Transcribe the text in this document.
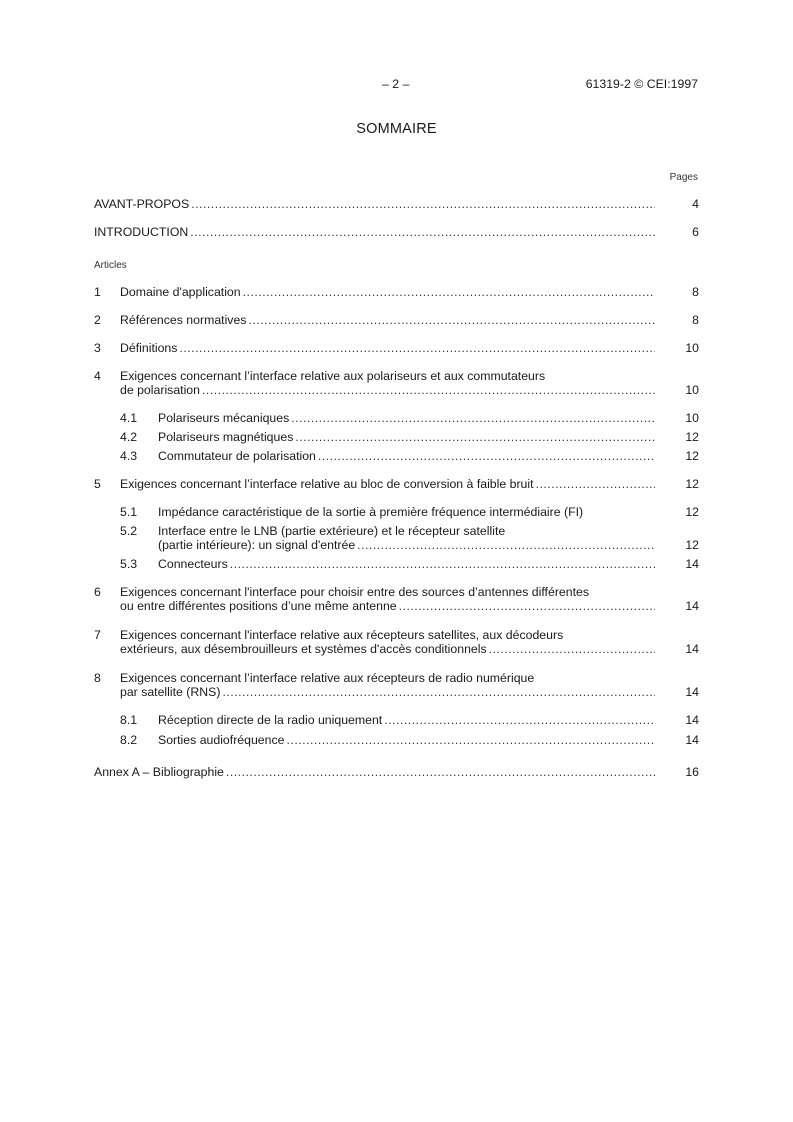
– 2 –	61319-2 © CEI:1997
SOMMAIRE
Pages
AVANT-PROPOS .....	4
INTRODUCTION .....	6
Articles
1	Domaine d'application .....	8
2	Références normatives .....	8
3	Définitions .....	10
4	Exigences concernant l’interface relative aux polariseurs et aux commutateurs
de polarisation .....	10
4.1	Polariseurs mécaniques .....	10
4.2	Polariseurs magnétiques .....	12
4.3	Commutateur de polarisation .....	12
5	Exigences concernant l’interface relative au bloc de conversion à faible bruit .....	12
5.1	Impédance caractéristique de la sortie à première fréquence intermédiaire (FI)	12
5.2	Interface entre le LNB (partie extérieure) et le récepteur satellite
(partie intérieure): un signal d'entrée .....	12
5.3	Connecteurs .....	14
6	Exigences concernant l'interface pour choisir entre des sources d’antennes différentes
ou entre différentes positions d’une même antenne .....	14
7	Exigences concernant l'interface relative aux récepteurs satellites, aux décodeurs
extérieurs, aux désembrouilleurs et systèmes d'accès conditionnels .....	14
8	Exigences concernant l’interface relative aux récepteurs de radio numérique
par satellite (RNS) .....	14
8.1	Réception directe de la radio uniquement .....	14
8.2	Sorties audiofréquence .....	14
Annex A – Bibliographie .....	16
